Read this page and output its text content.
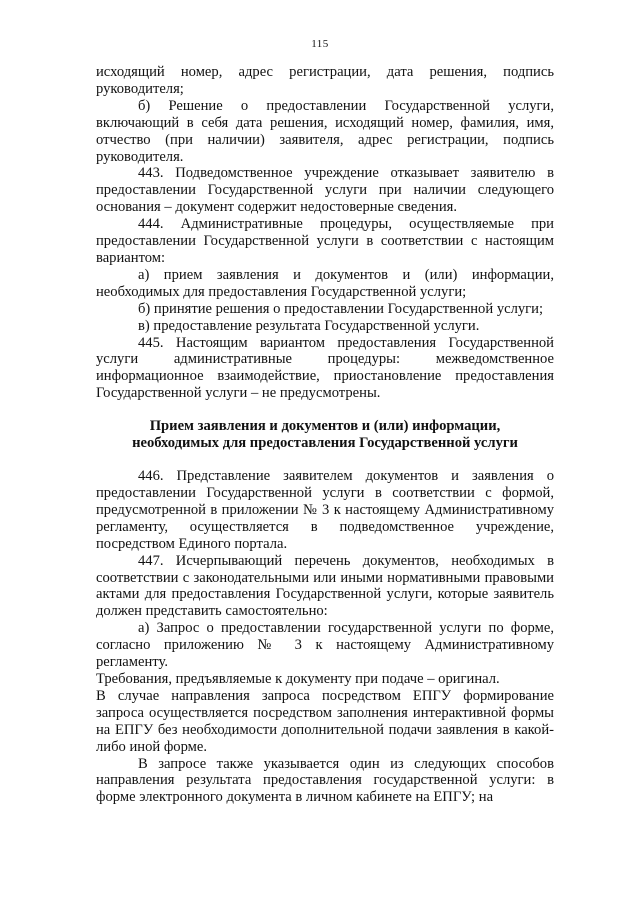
115

исходящий номер, адрес регистрации, дата решения, подпись руководителя;

б) Решение о предоставлении Государственной услуги, включающий в себя дата решения, исходящий номер, фамилия, имя, отчество (при наличии) заявителя, адрес регистрации, подпись руководителя.

443. Подведомственное учреждение отказывает заявителю в предоставлении Государственной услуги при наличии следующего основания – документ содержит недостоверные сведения.

444. Административные процедуры, осуществляемые при предоставлении Государственной услуги в соответствии с настоящим вариантом:

а) прием заявления и документов и (или) информации, необходимых для предоставления Государственной услуги;

б) принятие решения о предоставлении Государственной услуги;

в) предоставление результата Государственной услуги.

445. Настоящим вариантом предоставления Государственной услуги административные процедуры: межведомственное информационное взаимодействие, приостановление предоставления Государственной услуги – не предусмотрены.

Прием заявления и документов и (или) информации,
необходимых для предоставления Государственной услуги

446. Представление заявителем документов и заявления о предоставлении Государственной услуги в соответствии с формой, предусмотренной в приложении № 3 к настоящему Административному регламенту, осуществляется в подведомственное учреждение, посредством Единого портала.

447. Исчерпывающий перечень документов, необходимых в соответствии с законодательными или иными нормативными правовыми актами для предоставления Государственной услуги, которые заявитель должен представить самостоятельно:

а) Запрос о предоставлении государственной услуги по форме, согласно приложению № 3 к настоящему Административному регламенту.

Требования, предъявляемые к документу при подаче – оригинал.

В случае направления запроса посредством ЕПГУ формирование запроса осуществляется посредством заполнения интерактивной формы на ЕПГУ без необходимости дополнительной подачи заявления в какой-либо иной форме.

В запросе также указывается один из следующих способов направления результата предоставления государственной услуги: в форме электронного документа в личном кабинете на ЕПГУ; на
